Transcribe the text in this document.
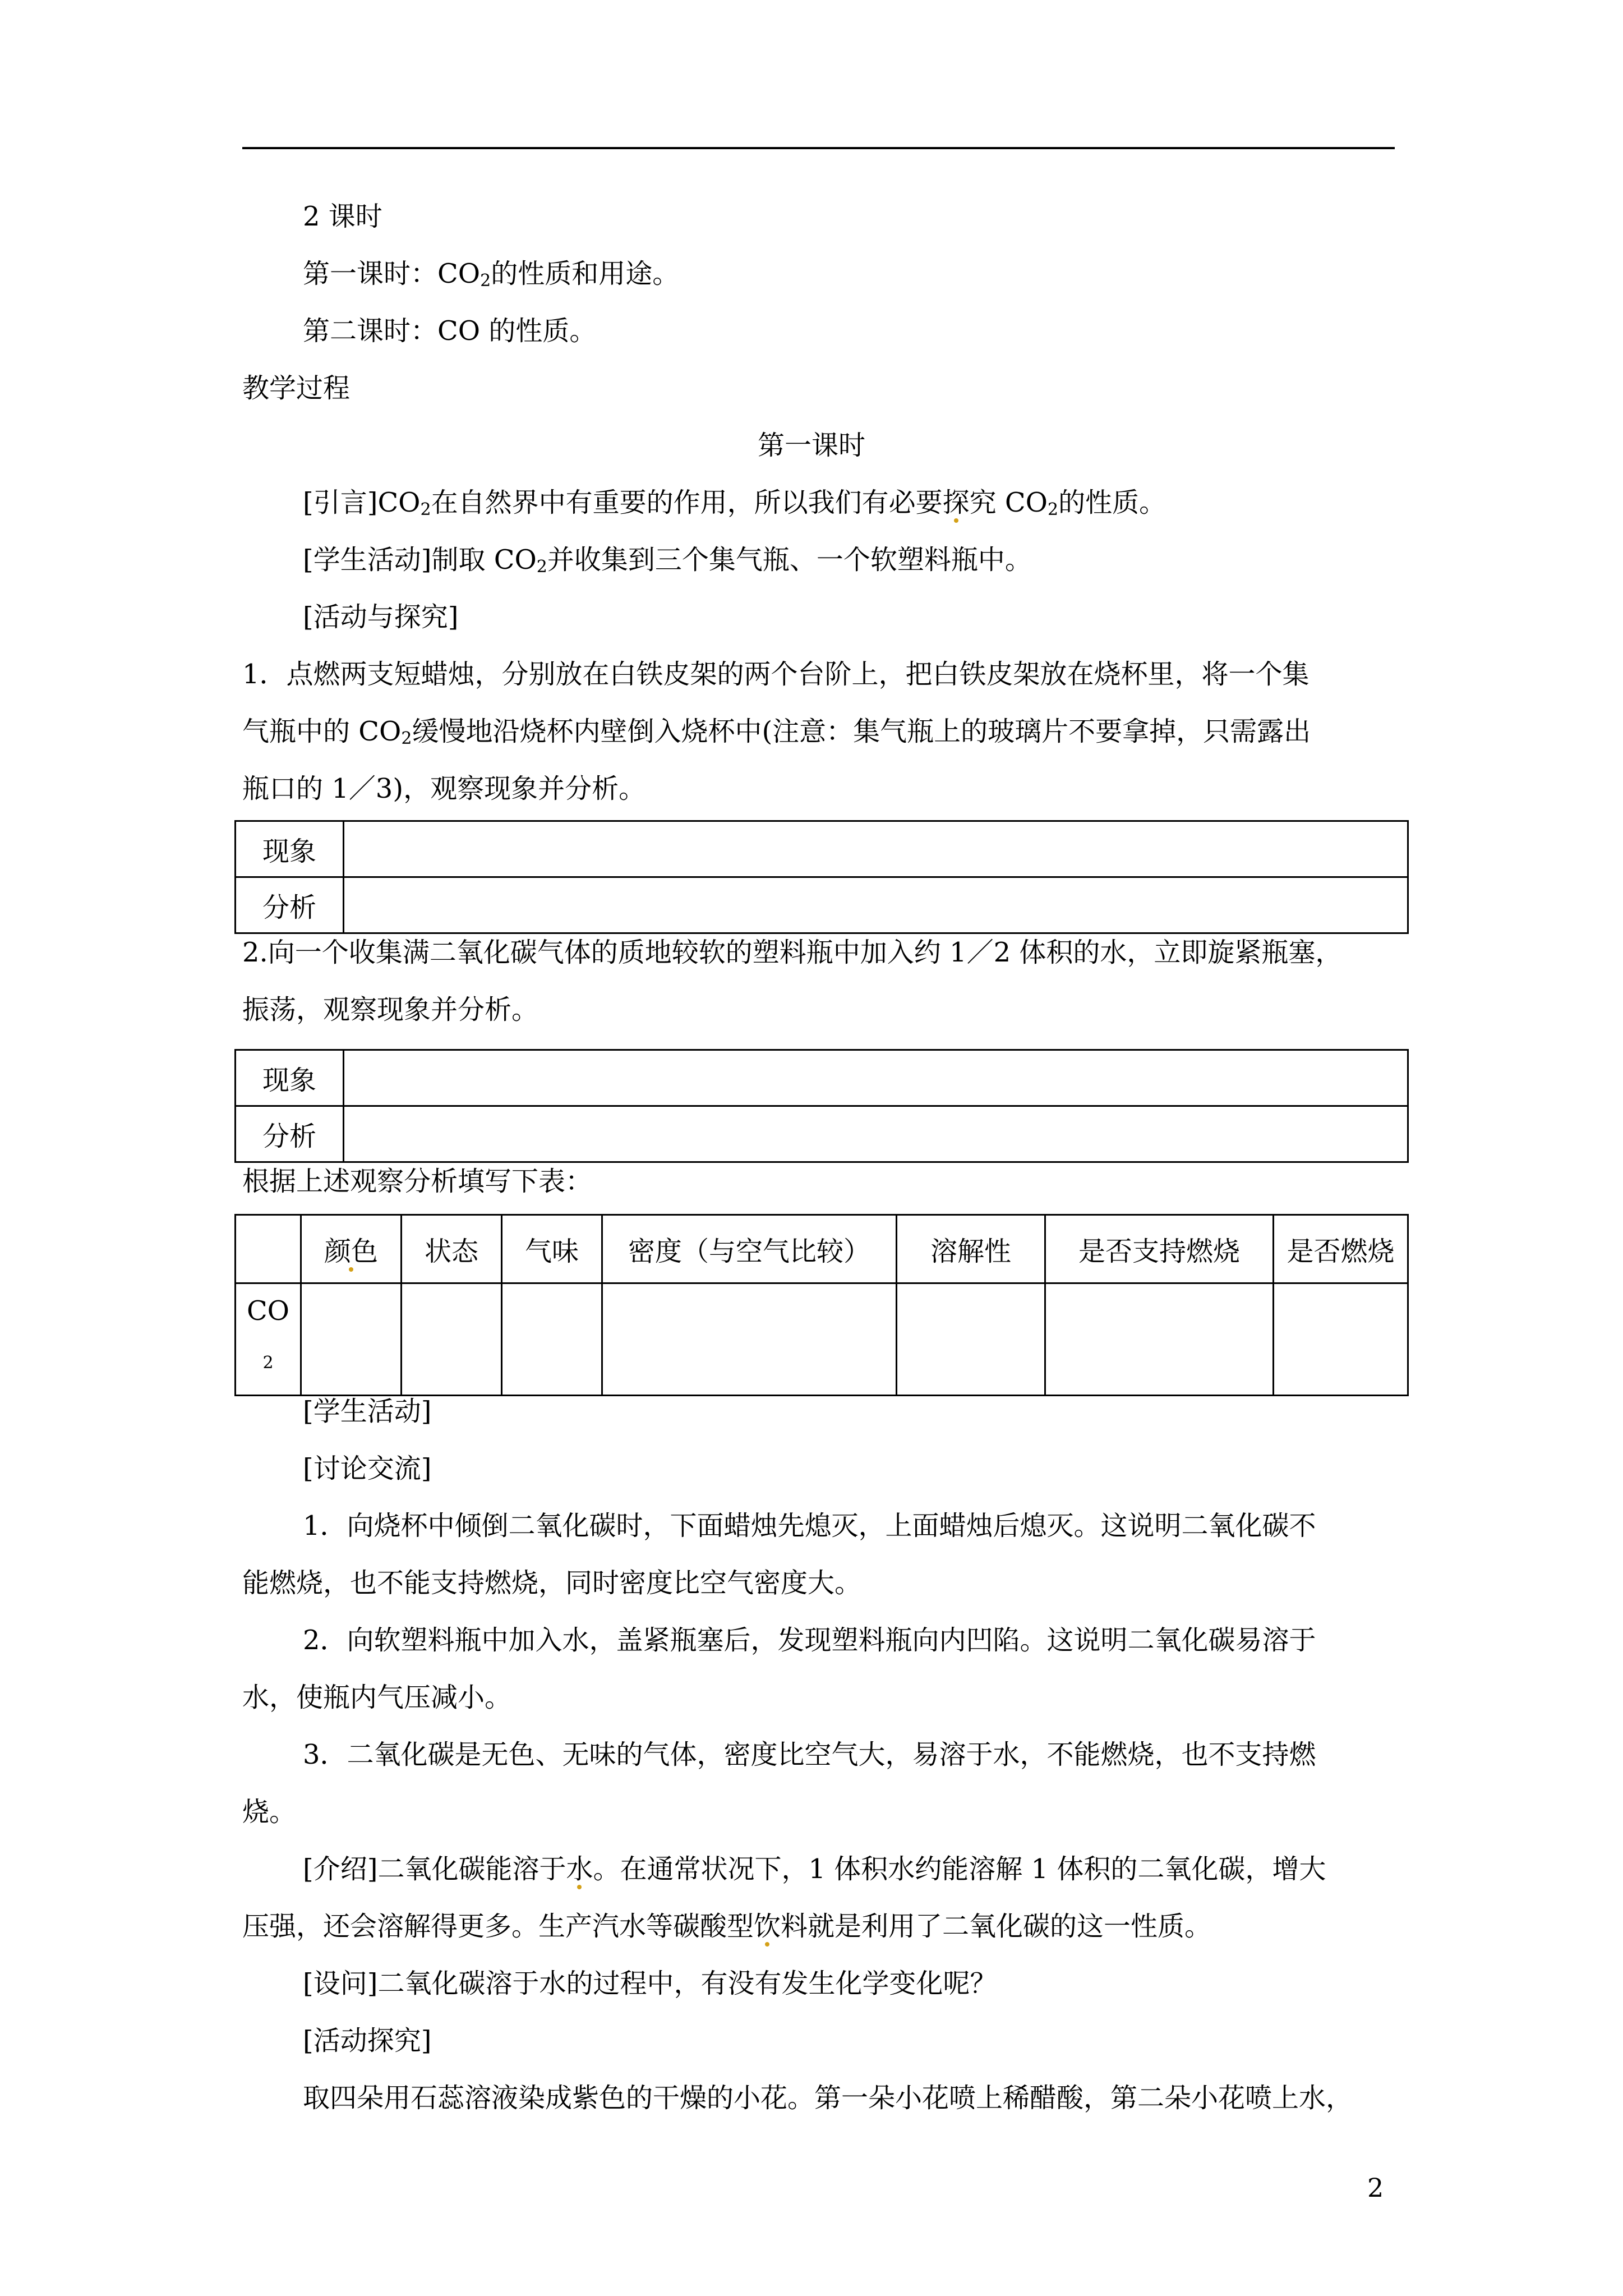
2 课时
第一课时：$CO_2$的性质和用途。
第二课时：CO 的性质。
教学过程
第一课时
[引言]$CO_2$在自然界中有重要的作用，所以我们有必要探究 $CO_2$的性质。
[学生活动]制取 $CO_2$并收集到三个集气瓶、一个软塑料瓶中。
[活动与探究]
1．点燃两支短蜡烛，分别放在白铁皮架的两个台阶上，把白铁皮架放在烧杯里，将一个集
气瓶中的 $CO_2$缓慢地沿烧杯内壁倒入烧杯中(注意：集气瓶上的玻璃片不要拿掉，只需露出
瓶口的 1／3)，观察现象并分析。
现象	
分析	
2.向一个收集满二氧化碳气体的质地较软的塑料瓶中加入约 1／2 体积的水，立即旋紧瓶塞，
振荡，观察现象并分析。
现象	
分析	
根据上述观察分析填写下表：
	颜色	状态	气味	密度（与空气比较）	溶解性	是否支持燃烧	是否燃烧
CO
2							

[学生活动]
[讨论交流]
1．向烧杯中倾倒二氧化碳时，下面蜡烛先熄灭，上面蜡烛后熄灭。这说明二氧化碳不
能燃烧，也不能支持燃烧，同时密度比空气密度大。
2．向软塑料瓶中加入水，盖紧瓶塞后，发现塑料瓶向内凹陷。这说明二氧化碳易溶于
水，使瓶内气压减小。
3．二氧化碳是无色、无味的气体，密度比空气大，易溶于水，不能燃烧，也不支持燃
烧。
[介绍]二氧化碳能溶于水。在通常状况下，1 体积水约能溶解 1 体积的二氧化碳，增大
压强，还会溶解得更多。生产汽水等碳酸型饮料就是利用了二氧化碳的这一性质。
[设问]二氧化碳溶于水的过程中，有没有发生化学变化呢？
[活动探究]
取四朵用石蕊溶液染成紫色的干燥的小花。第一朵小花喷上稀醋酸，第二朵小花喷上水，
2
